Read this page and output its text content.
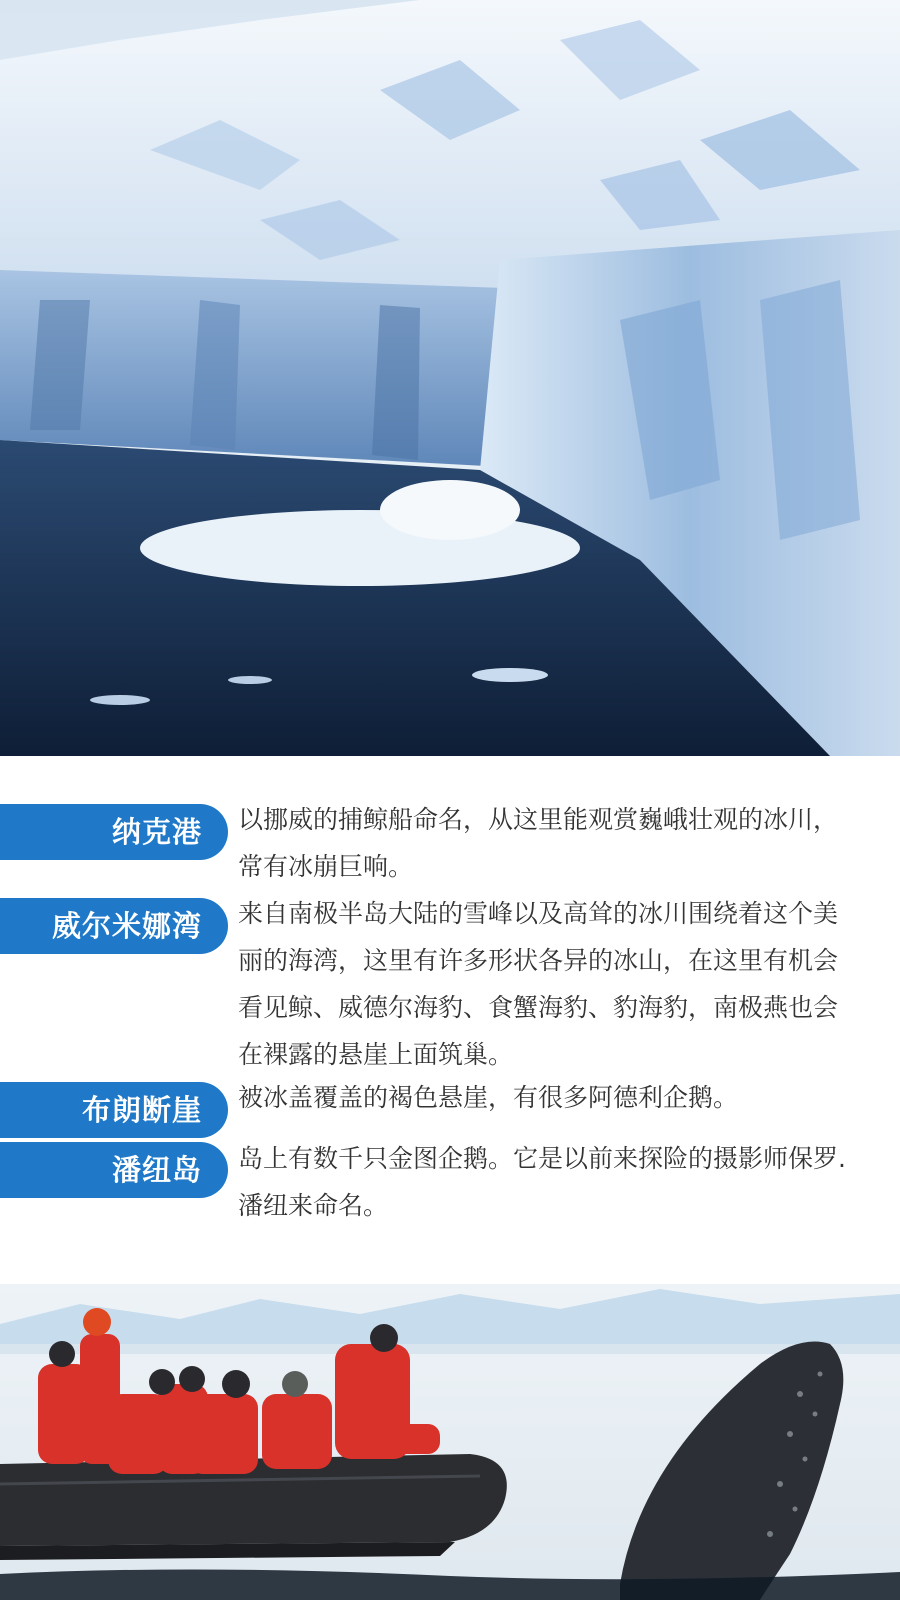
纳克港	以挪威的捕鲸船命名，从这里能观赏巍峨壮观的冰川，常有冰崩巨响。
威尔米娜湾	来自南极半岛大陆的雪峰以及高耸的冰川围绕着这个美丽的海湾，这里有许多形状各异的冰山，在这里有机会看见鲸、威德尔海豹、食蟹海豹、豹海豹，南极燕也会在裸露的悬崖上面筑巢。
布朗断崖	被冰盖覆盖的褐色悬崖，有很多阿德利企鹅。
潘纽岛	岛上有数千只金图企鹅。它是以前来探险的摄影师保罗.潘纽来命名。
